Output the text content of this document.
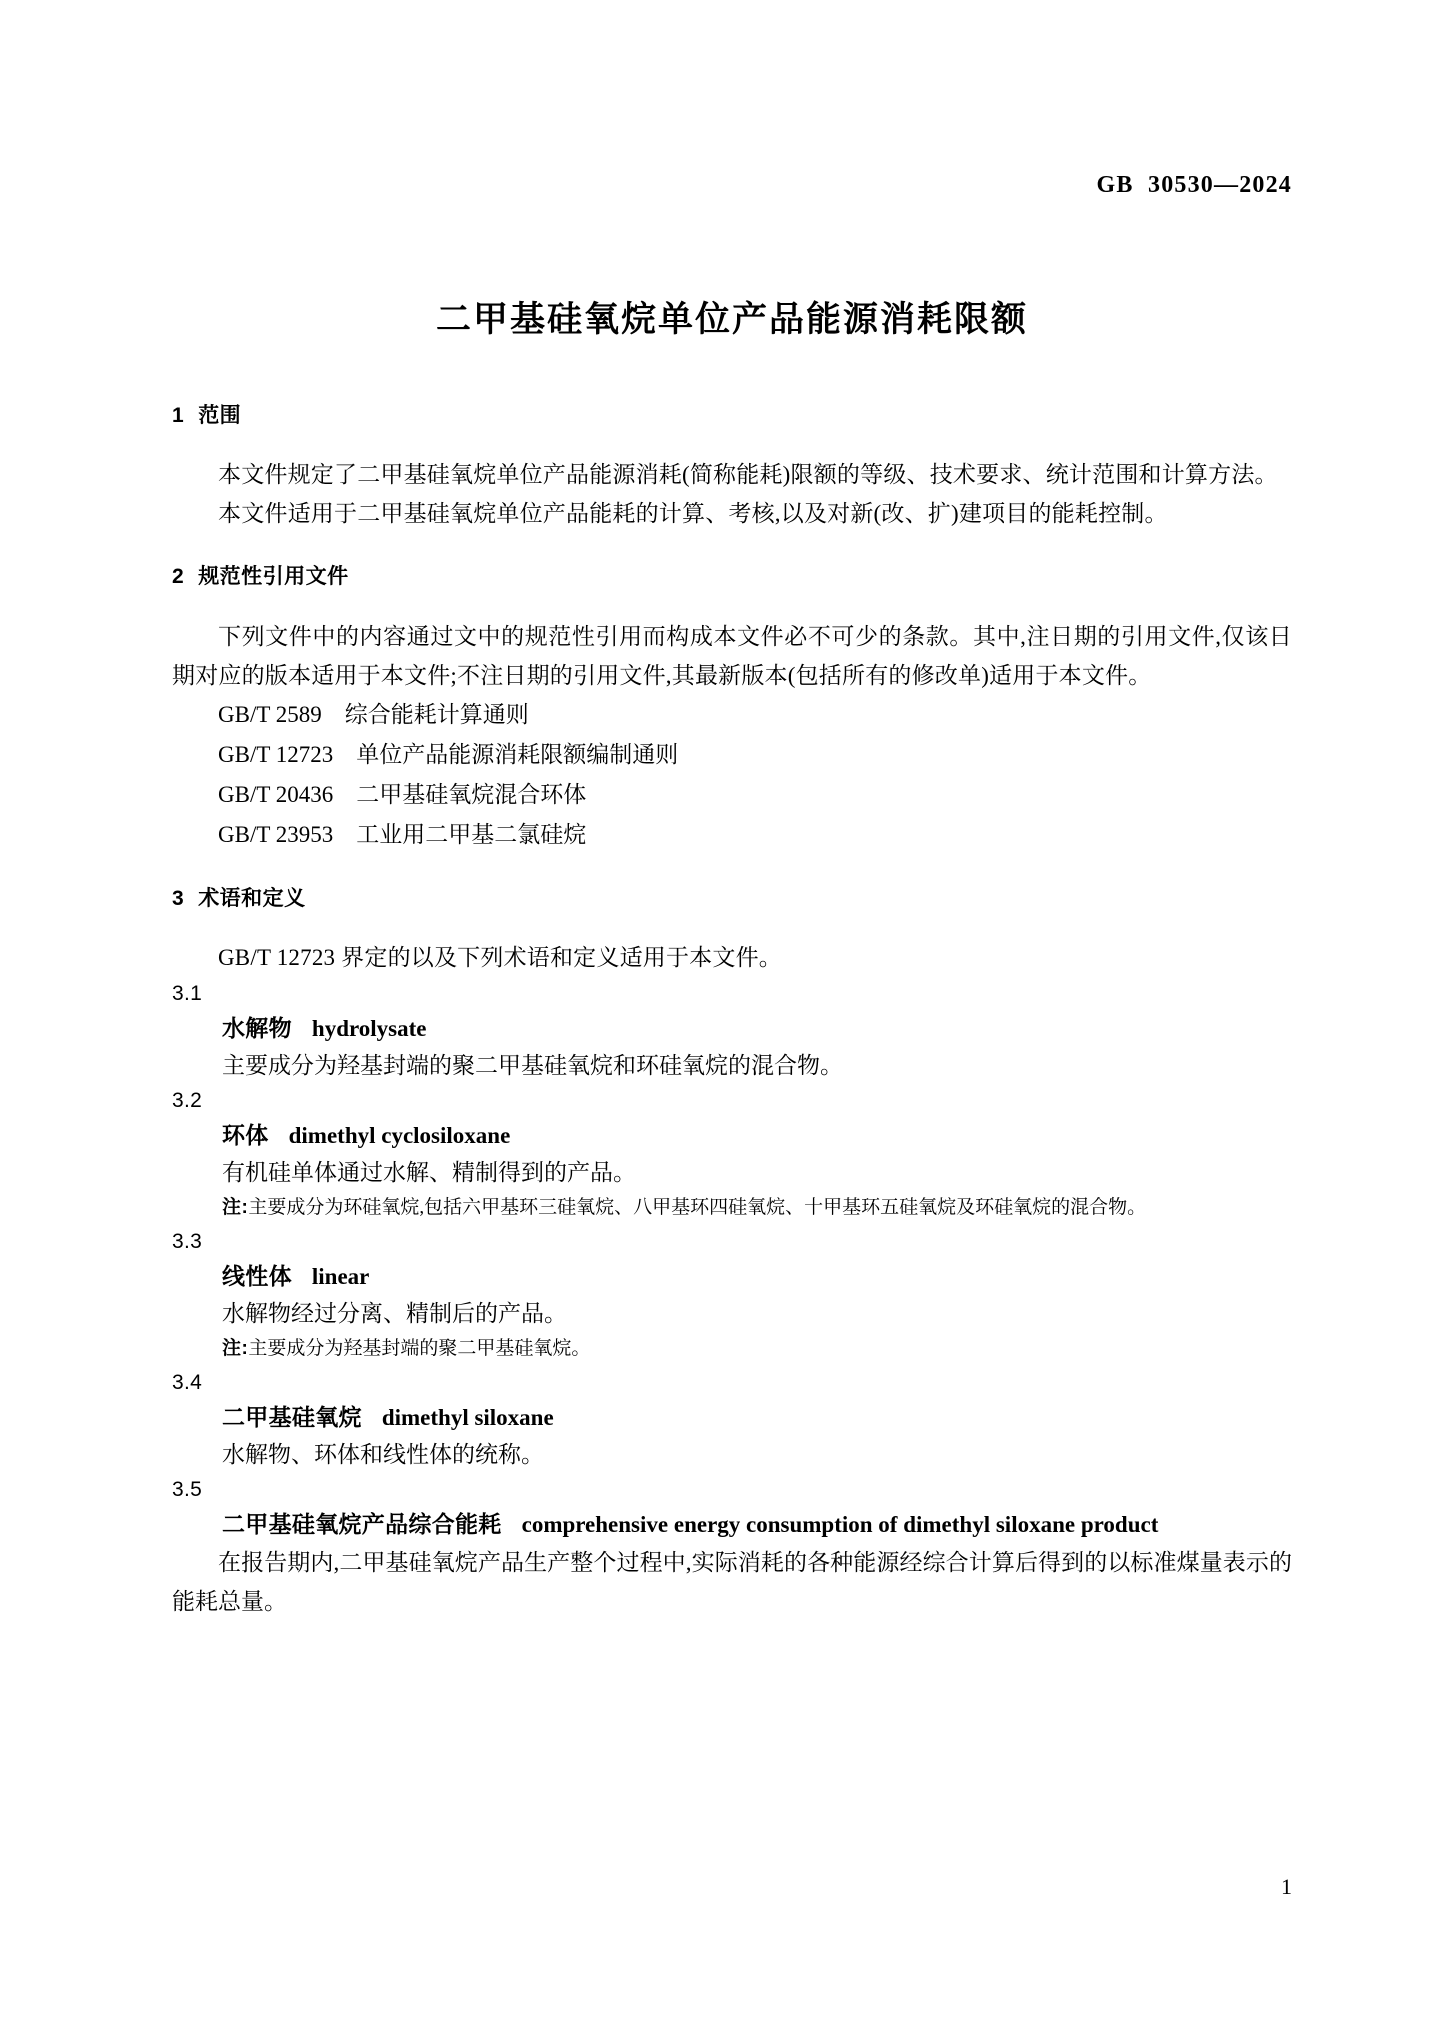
GB  30530—2024
二甲基硅氧烷单位产品能源消耗限额
1 范围

本文件规定了二甲基硅氧烷单位产品能源消耗(简称能耗)限额的等级、技术要求、统计范围和计算方法。

本文件适用于二甲基硅氧烷单位产品能耗的计算、考核,以及对新(改、扩)建项目的能耗控制。

2 规范性引用文件

下列文件中的内容通过文中的规范性引用而构成本文件必不可少的条款。其中,注日期的引用文件,仅该日期对应的版本适用于本文件;不注日期的引用文件,其最新版本(包括所有的修改单)适用于本文件。

GB/T 2589    综合能耗计算通则

GB/T 12723    单位产品能源消耗限额编制通则

GB/T 20436    二甲基硅氧烷混合环体

GB/T 23953    工业用二甲基二氯硅烷

3 术语和定义

GB/T 12723 界定的以及下列术语和定义适用于本文件。

3.1

水解物 hydrolysate

主要成分为羟基封端的聚二甲基硅氧烷和环硅氧烷的混合物。

3.2

环体 dimethyl cyclosiloxane

有机硅单体通过水解、精制得到的产品。

注:主要成分为环硅氧烷,包括六甲基环三硅氧烷、八甲基环四硅氧烷、十甲基环五硅氧烷及环硅氧烷的混合物。

3.3

线性体 linear

水解物经过分离、精制后的产品。

注:主要成分为羟基封端的聚二甲基硅氧烷。

3.4

二甲基硅氧烷 dimethyl siloxane

水解物、环体和线性体的统称。

3.5

二甲基硅氧烷产品综合能耗 comprehensive energy consumption of dimethyl siloxane product

在报告期内,二甲基硅氧烷产品生产整个过程中,实际消耗的各种能源经综合计算后得到的以标准煤量表示的能耗总量。

1
